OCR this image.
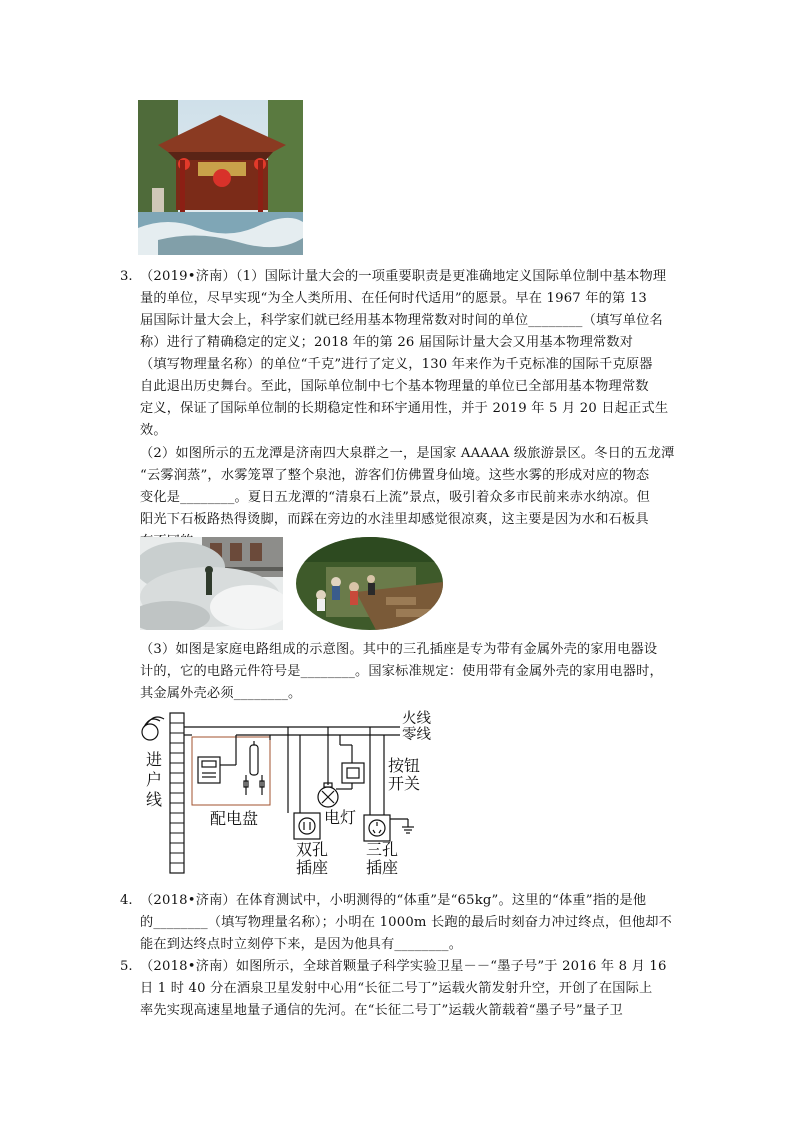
3. （2019•济南）（1）国际计量大会的一项重要职责是更准确地定义国际单位制中基本物理
量的单位，尽早实现“为全人类所用、在任何时代适用”的愿景。早在 1967 年的第 13
届国际计量大会上，科学家们就已经用基本物理常数对时间的单位________（填写单位名
称）进行了精确稳定的定义；2018 年的第 26 届国际计量大会又用基本物理常数对
（填写物理量名称）的单位“千克”进行了定义，130 年来作为千克标准的国际千克原器
自此退出历史舞台。至此，国际单位制中七个基本物理量的单位已全部用基本物理常数
定义，保证了国际单位制的长期稳定性和环宇通用性，并于 2019 年 5 月 20 日起正式生
效。
（2）如图所示的五龙潭是济南四大泉群之一，是国家 AAAAA 级旅游景区。冬日的五龙潭
“云雾润蒸”，水雾笼罩了整个泉池，游客们仿佛置身仙境。这些水雾的形成对应的物态
变化是________。夏日五龙潭的“清泉石上流”景点，吸引着众多市民前来赤水纳凉。但
阳光下石板路热得烫脚，而踩在旁边的水洼里却感觉很凉爽，这主要是因为水和石板具
（3）如图是家庭电路组成的示意图。其中的三孔插座是专为带有金属外壳的家用电器设
计的，它的电路元件符号是________。国家标准规定：使用带有金属外壳的家用电器时，
其金属外壳必须________。
火线
零线
进
户
线
配电盘
按钮
开关
电灯
双孔
插座
三孔
插座
4. （2018•济南）在体育测试中，小明测得的“体重”是“65kg”。这里的“体重”指的是他
的________（填写物理量名称）；小明在 1000m 长跑的最后时刻奋力冲过终点，但他却不
能在到达终点时立刻停下来，是因为他具有________。
5. （2018•济南）如图所示，全球首颗量子科学实验卫星－－“墨子号”于 2016 年 8 月 16
日 1 时 40 分在酒泉卫星发射中心用“长征二号丁”运载火箭发射升空，开创了在国际上
率先实现高速星地量子通信的先河。在“长征二号丁”运载火箭载着“墨子号”量子卫
